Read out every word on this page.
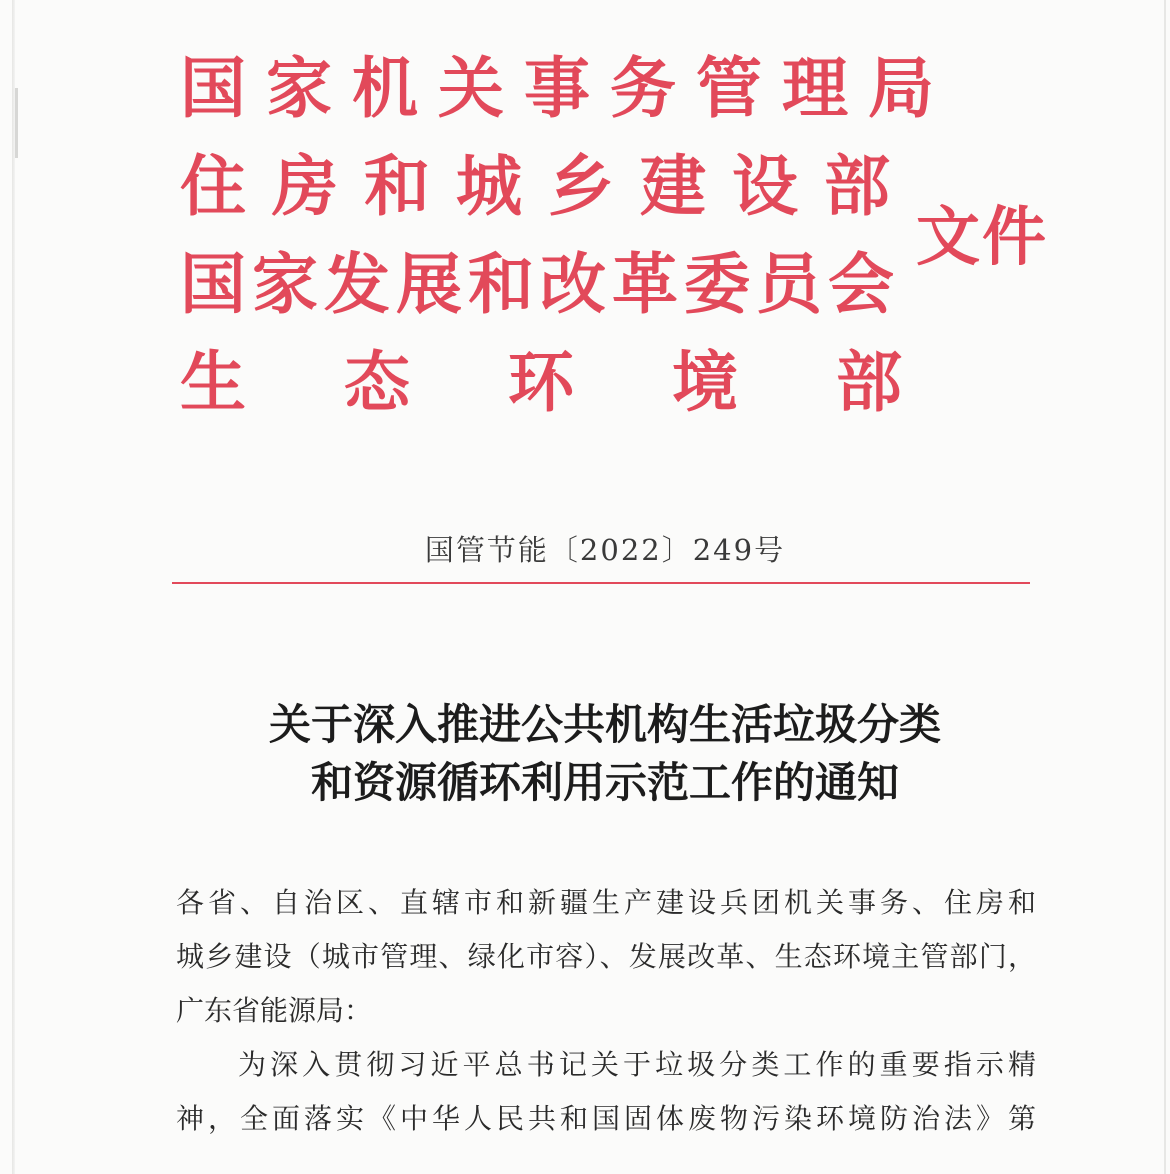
国 家 机 关 事 务 管 理 局
住 房 和 城 乡 建 设 部
国家发展和改革委员会
生 态 环 境 部
文件
国管节能〔2022〕249号
关于深入推进公共机构生活垃圾分类
和资源循环利用示范工作的通知

各省、自治区、直辖市和新疆生产建设兵团机关事务、住房和

城乡建设（城市管理、绿化市容）、发展改革、生态环境主管部门，

广东省能源局：

为深入贯彻习近平总书记关于垃圾分类工作的重要指示精

神，全面落实《中华人民共和国固体废物污染环境防治法》第
